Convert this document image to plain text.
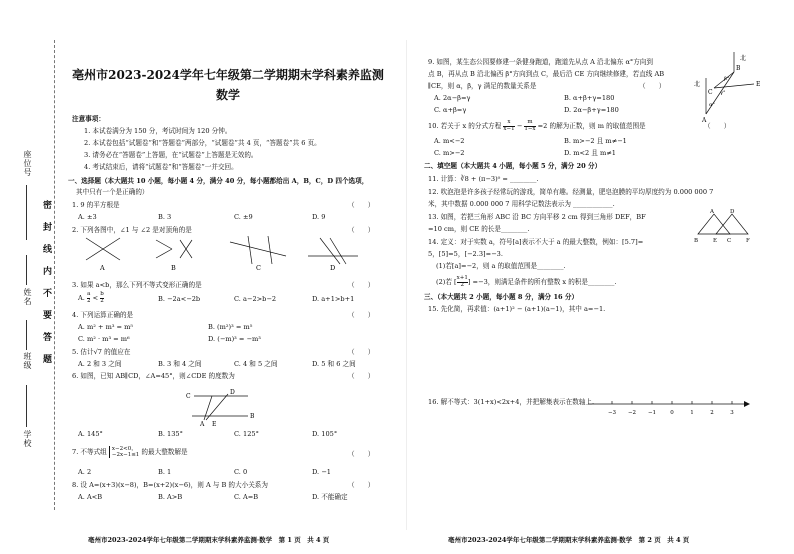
座位号
姓名
班级
学校
密封线内不要答题
亳州市2023-2024学年七年级第二学期期末学科素养监测
数学
注意事项：
1. 本试卷满分为 150 分，考试时间为 120 分钟。
2. 本试卷包括“试题卷”和“答题卷”两部分，“试题卷”共 4 页，“答题卷”共 6 页。
3. 请务必在“答题卷”上答题，在“试题卷”上答题是无效的。
4. 考试结束后，请将“试题卷”和“答题卷”一并交回。
一、选择题（本大题共 10 小题，每小题 4 分，满分 40 分，每小题都给出 A，B，C，D 四个选项，
其中只有一个是正确的）
1. 9 的平方根是	（　　）
A. ±3	B. 3	C. ±9	D. 9
2. 下列各图中，∠1 与 ∠2 是对顶角的是	（　　）
A	B	C	D
3. 如果 a<b，那么下列不等式变形正确的是	（　　）
A. $\frac{a}{2} < \frac{b}{2}$	B. −2a<−2b	C. a−2>b−2	D. a+1>b+1
4. 下列运算正确的是	（　　）
A. m² + m³ = m⁵	B. (m²)³ = m⁵
C. m² · m³ = m⁶	D. (−m)³ = −m³
5. 估计√7 的值应在	（　　）
A. 2 和 3 之间	B. 3 和 4 之间	C. 4 和 5 之间	D. 5 和 6 之间
6. 如图，已知 AB∥CD，∠A=45°，则∠CDE 的度数为	（　　）
C
D
A E
B
A. 145°	B. 135°	C. 125°	D. 105°
7. 不等式组 x−2<0，
−2x−1≤1 的最大整数解是	（　　）
A. 2	B. 1	C. 0	D. −1
8. 设 A=(x+3)(x−8)，B=(x+2)(x−6)，则 A 与 B 的大小关系为	（　　）
A. A<B	B. A>B	C. A=B	D. 不能确定
亳州市2023-2024学年七年级第二学期期末学科素养监测·数学　第 1 页　共 4 页
9. 如图，某生态公园要修建一条健身跑道，跑道先从点 A 沿北偏东 α°方向到
点 B，再从点 B 沿北偏西 β°方向到点 C，最后沿 CE 方向继续修建，若直线 AB
∥CE，则 α，β，γ 满足的数量关系是	（　　）
北
北
B
C
E
A
α°
β°
γ°
A. 2α−β=γ	B. α+β+γ=180
C. α+β=γ	D. 2α−β+γ=180
10. 若关于 x 的分式方程 $\frac{x}{x-1} - \frac{m}{1-x} =2$ 的解为正数，则 m 的取值范围是	（　　）
A. m<−2	B. m>−2 且 m≠−1
C. m>−2	D. m<2 且 m≠1
二、填空题（本大题共 4 小题，每小题 5 分，满分 20 分）
11. 计算：∛8 + (π−3)⁰ = ________.
12. 吹泡泡是许多孩子经常玩的游戏，简单有趣。经测量，肥皂泡膜的平均厚度约为 0.000 000 7
米，其中数据 0.000 000 7 用科学记数法表示为 ____________.
13. 如图，若把三角形 ABC 沿 BC 方向平移 2 cm 得到三角形 DEF，BF
=10 cm，则 CE 的长是________.
A	D
B	E C	F
14. 定义：对于实数 a，符号[a]表示不大于 a 的最大整数，例如：[5.7]=
5，[5]=5，[−2.3]=−3.
(1)若[a]=−2，则 a 的取值范围是________.
(2)若 [ $\frac{x+1}{2}$ ] =−3，则满足条件的所有整数 x 的积是________.
三、（本大题共 2 小题，每小题 8 分，满分 16 分）
15. 先化简，再求值：(a+1)² − (a+1)(a−1)，其中 a=−1.
16. 解不等式：3(1+x)<2x+4，并把解集表示在数轴上.
−3 −2 −1	0	1	2	3
亳州市2023-2024学年七年级第二学期期末学科素养监测·数学　第 2 页　共 4 页
